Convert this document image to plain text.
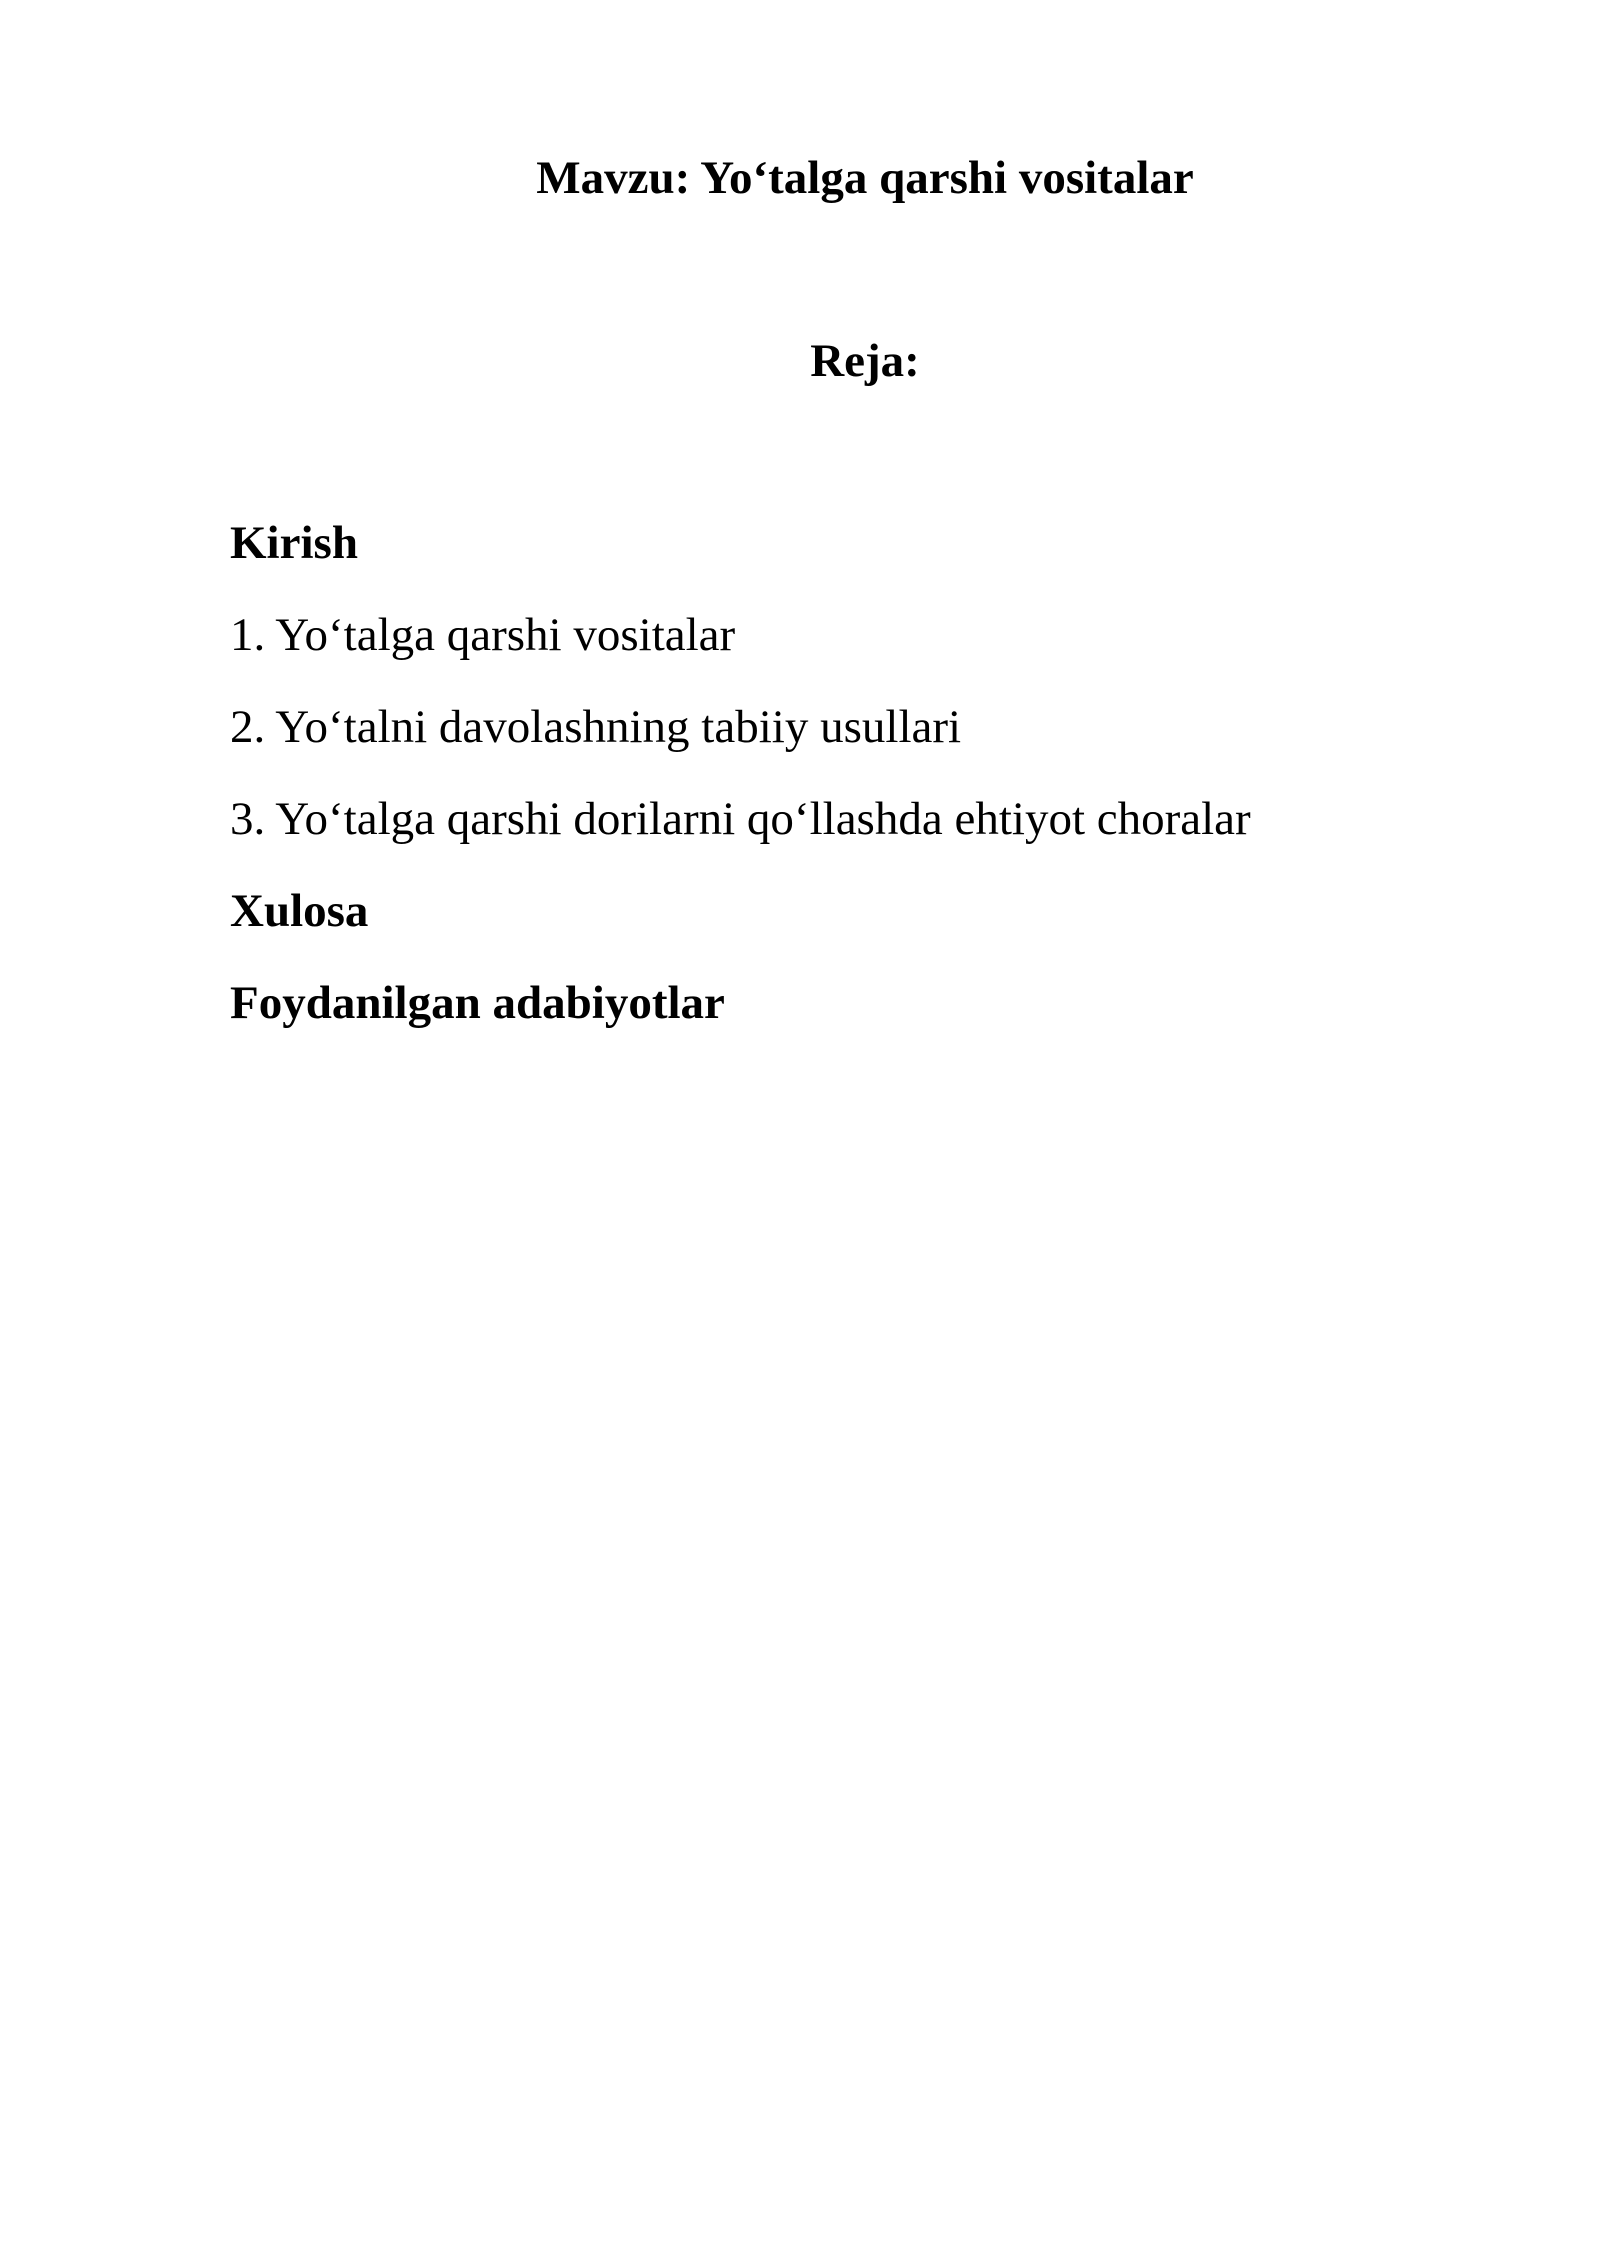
Mavzu: Yo‘talga qarshi vositalar
Reja:
Kirish
1. Yo‘talga qarshi vositalar
2. Yo‘talni davolashning tabiiy usullari
3. Yo‘talga qarshi dorilarni qo‘llashda ehtiyot choralar
Xulosa
Foydanilgan adabiyotlar
